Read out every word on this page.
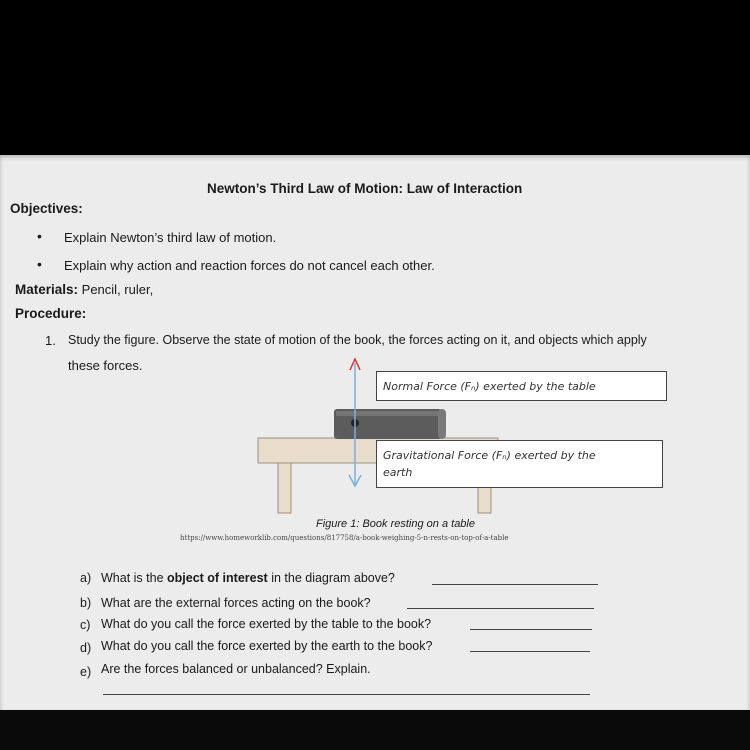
Newton’s Third Law of Motion: Law of Interaction
Objectives:
• Explain Newton’s third law of motion.
• Explain why action and reaction forces do not cancel each other.
Materials: Pencil, ruler,
Procedure:
1. Study the figure. Observe the state of motion of the book, the forces acting on it, and objects which apply
these forces.
Normal Force (Fₙ) exerted by the table
Gravitational Force (Fₙ) exerted by the
earth
Figure 1: Book resting on a table
https://www.homeworklib.com/questions/817758/a-book-weighing-5-n-rests-on-top-of-a-table
a) What is the object of interest in the diagram above?
b) What are the external forces acting on the book?
c) What do you call the force exerted by the table to the book?
d) What do you call the force exerted by the earth to the book?
e) Are the forces balanced or unbalanced? Explain.
